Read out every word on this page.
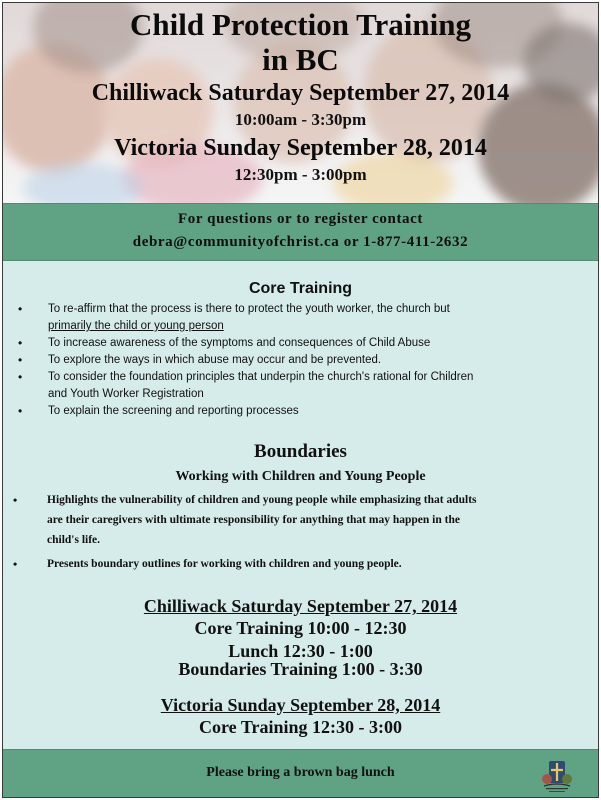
Child Protection Training
in BC
Chilliwack Saturday September 27, 2014
10:00am - 3:30pm
Victoria Sunday September 28, 2014
12:30pm - 3:00pm
For questions or to register contact
debra@communityofchrist.ca or 1-877-411-2632
Core Training
• To re-affirm that the process is there to protect the youth worker, the church but
primarily the child or young person
• To increase awareness of the symptoms and consequences of Child Abuse
• To explore the ways in which abuse may occur and be prevented.
• To consider the foundation principles that underpin the church's rational for Children
and Youth Worker Registration
• To explain the screening and reporting processes
Boundaries
Working with Children and Young People
•	Highlights the vulnerability of children and young people while emphasizing that adults
are their caregivers with ultimate responsibility for anything that may happen in the
child's life.
•	Presents boundary outlines for working with children and young people.
Chilliwack Saturday September 27, 2014
Core Training 10:00 - 12:30
Lunch 12:30 - 1:00
Boundaries Training 1:00 - 3:30
Victoria Sunday September 28, 2014
Core Training 12:30 - 3:00
Please bring a brown bag lunch
